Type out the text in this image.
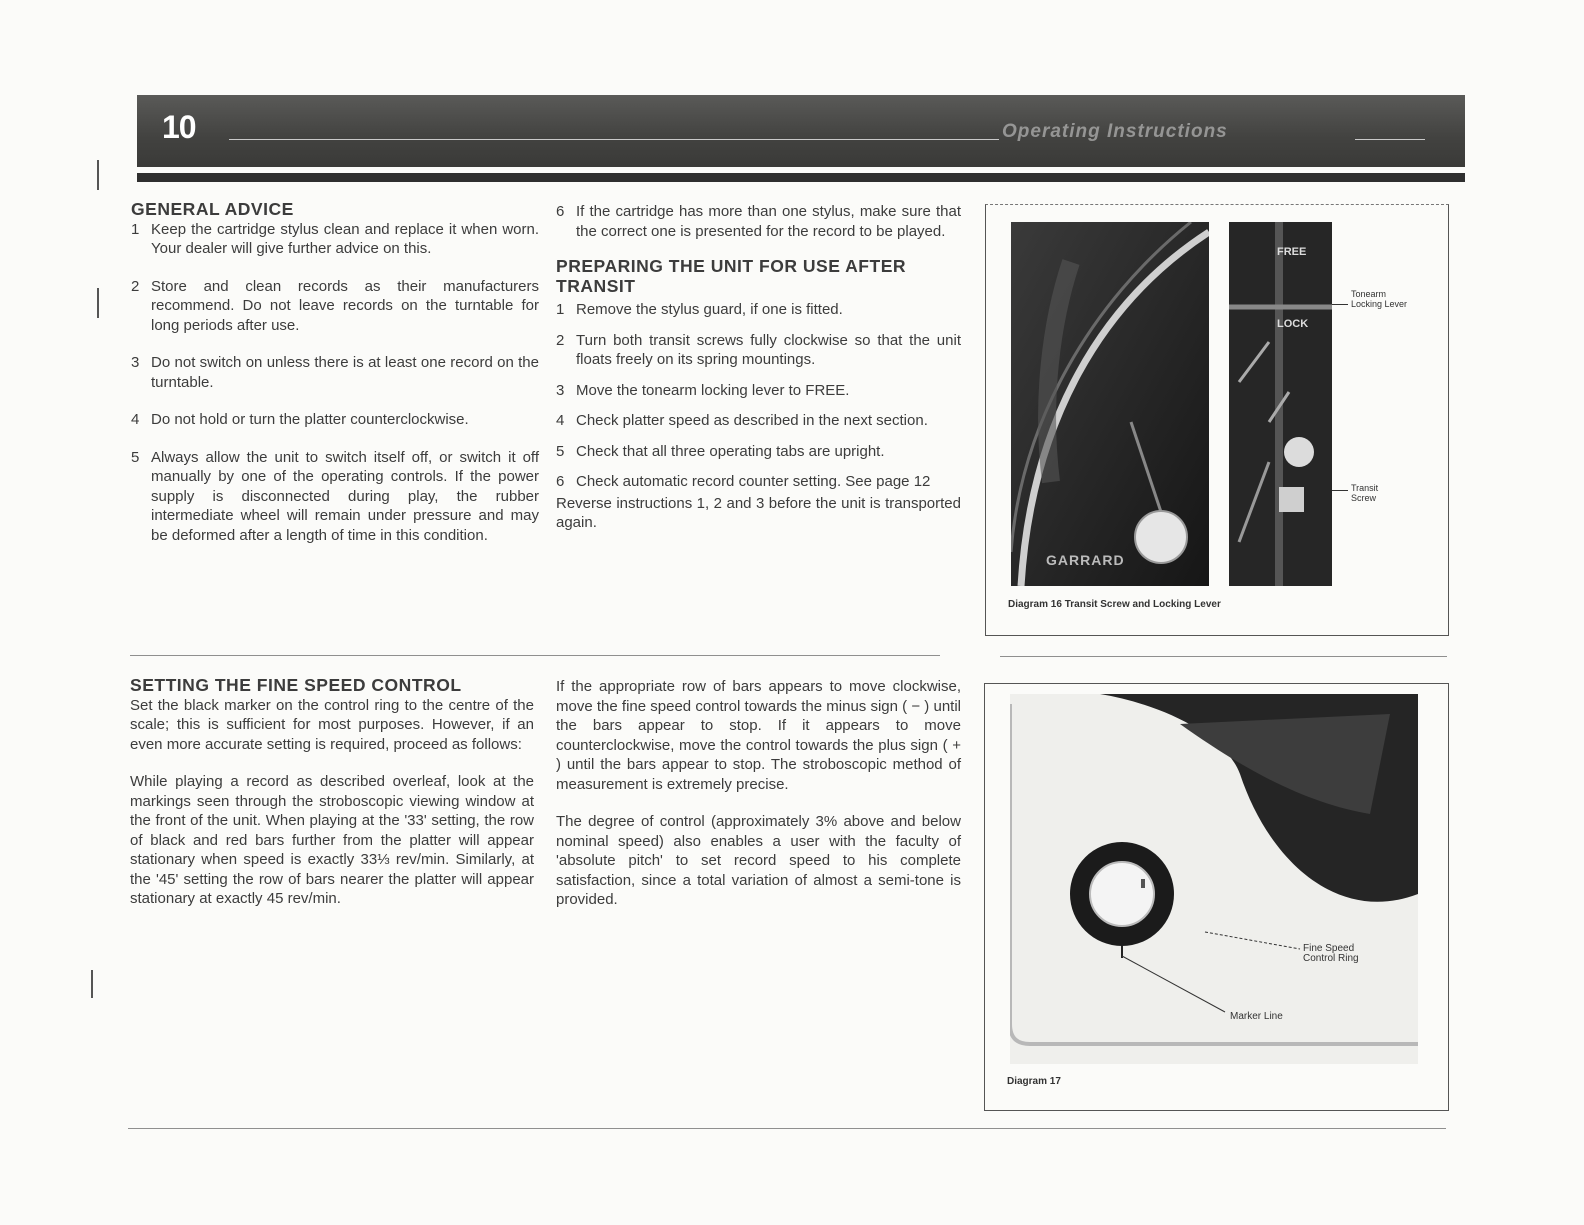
10	Operating Instructions
GENERAL ADVICE
1 Keep the cartridge stylus clean and replace it when worn. Your dealer will give further advice on this.
2 Store and clean records as their manufacturers recommend. Do not leave records on the turntable for long periods after use.
3 Do not switch on unless there is at least one record on the turntable.
4 Do not hold or turn the platter counterclockwise.
5 Always allow the unit to switch itself off, or switch it off manually by one of the operating controls. If the power supply is disconnected during play, the rubber intermediate wheel will remain under pressure and may be deformed after a length of time in this condition.
6 If the cartridge has more than one stylus, make sure that the correct one is presented for the record to be played.
PREPARING THE UNIT FOR USE AFTER TRANSIT
1 Remove the stylus guard, if one is fitted.
2 Turn both transit screws fully clockwise so that the unit floats freely on its spring mountings.
3 Move the tonearm locking lever to FREE.
4 Check platter speed as described in the next section.
5 Check that all three operating tabs are upright.
6 Check automatic record counter setting. See page 12

Reverse instructions 1, 2 and 3 before the unit is transported again.

SETTING THE FINE SPEED CONTROL

Set the black marker on the control ring to the centre of the scale; this is sufficient for most purposes. However, if an even more accurate setting is required, proceed as follows:

While playing a record as described overleaf, look at the markings seen through the stroboscopic viewing window at the front of the unit. When playing at the '33' setting, the row of black and red bars further from the platter will appear stationary when speed is exactly 33⅓ rev/min. Similarly, at the '45' setting the row of bars nearer the platter will appear stationary at exactly 45 rev/min.

If the appropriate row of bars appears to move clockwise, move the fine speed control towards the minus sign ( − ) until the bars appear to stop. If it appears to move counterclockwise, move the control towards the plus sign ( + ) until the bars appear to stop. The stroboscopic method of measurement is extremely precise.

The degree of control (approximately 3% above and below nominal speed) also enables a user with the faculty of 'absolute pitch' to set record speed to his complete satisfaction, since a total variation of almost a semi-tone is provided.

GARRARD
FREE
LOCK
Tonearm Locking Lever
Transit Screw
Diagram 16 Transit Screw and Locking Lever
Fine Speed Control Ring
Marker Line
Diagram 17
